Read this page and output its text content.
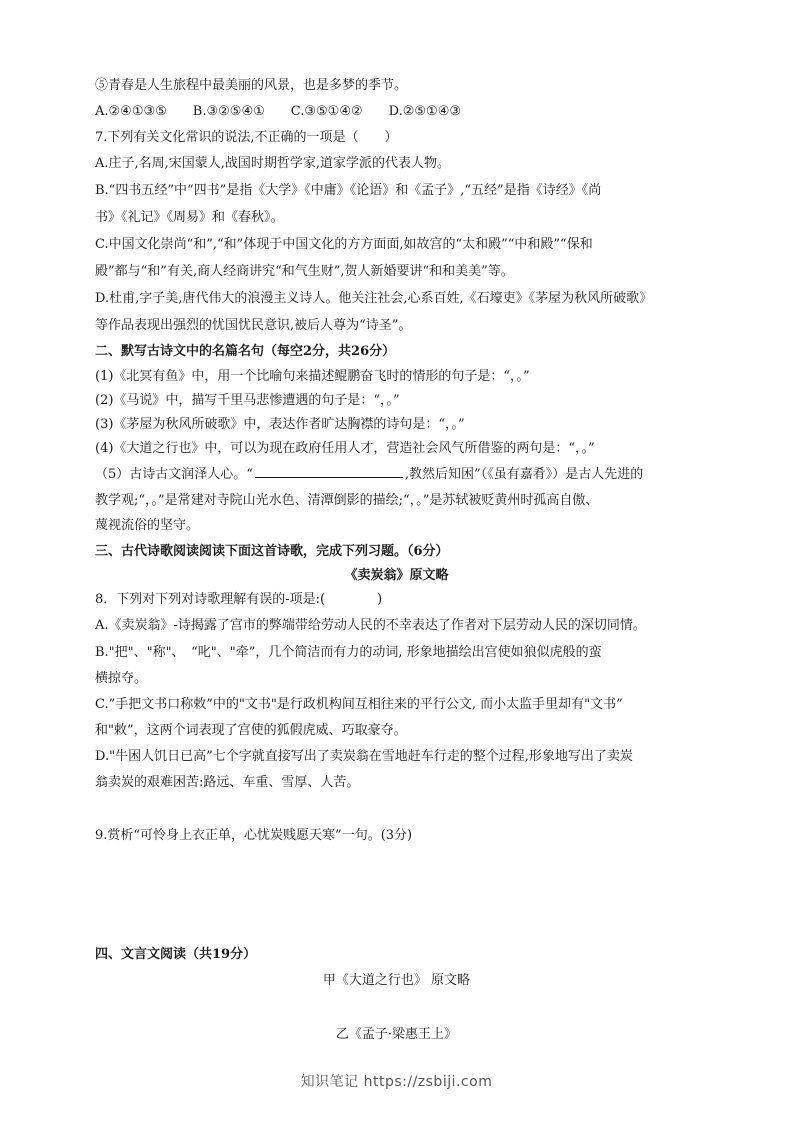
⑤青春是人生旅程中最美丽的风景，也是多梦的季节。
A.②④①③⑤　　B.③②⑤④①　　C.③⑤①④②　　D.②⑤①④③
7.下列有关文化常识的说法,不正确的一项是（　　）
A.庄子,名周,宋国蒙人,战国时期哲学家,道家学派的代表人物。
B.“四书五经”中“四书”是指《大学》《中庸》《论语》和《孟子》,“五经”是指《诗经》《尚
书》《礼记》《周易》和《春秋》。
C.中国文化崇尚“和”,“和”体现于中国文化的方方面面,如故宫的“太和殿”“中和殿”“保和
殿”都与“和”有关,商人经商讲究“和气生财”,贺人新婚要讲“和和美美”等。
D.杜甫,字子美,唐代伟大的浪漫主义诗人。他关注社会,心系百姓,《石壕吏》《茅屋为秋风所破歌》
等作品表现出强烈的忧国忧民意识,被后人尊为“诗圣”。
二、默写古诗文中的名篇名句（每空2分，共26分）
(1)《北冥有鱼》中，用一个比喻句来描述鲲鹏奋飞时的情形的句子是：“，。”
(2)《马说》中，描写千里马悲惨遭遇的句子是：“，。”
(3)《茅屋为秋风所破歌》中，表达作者旷达胸襟的诗句是：“，。”
(4)《大道之行也》中，可以为现在政府任用人才，营造社会风气所借鉴的两句是：“，。”
（5）古诗古文润泽人心。“	,教然后知困”（《虽有嘉肴》）是古人先进的
教学观;“，。”是常建对寺院山光水色、清潭倒影的描绘;“，。”是苏轼被贬黄州时孤高自傲、
蔑视流俗的坚守。
三、古代诗歌阅读阅读下面这首诗歌，完成下列习题。（6分）
《卖炭翁》原文略
8．下列对下列对诗歌理解有误的-项是:(　　　　)
A.《卖炭翁》-诗揭露了宫市的弊端带给劳动人民的不幸表达了作者对下层劳动人民的深切同情。
B."把"、"称"、　“叱"、"牵”，几个简洁而有力的动词, 形象地描绘出宫使如狼似虎般的蛮
横掠夺。
C.”手把文书口称敕”中的"文书"是行政机构间互相往来的平行公文, 而小太监手里却有"文书”
和"敕”，这两个词表现了宫使的狐假虎威、巧取豪夺。
D."牛困人饥日已高”七个字就直接写出了卖炭翁在雪地赶车行走的整个过程,形象地写出了卖炭
翁卖炭的艰难困苦:路远、车重、雪厚、人苦。
9.赏析“可怜身上衣正单，心忧炭贱愿天寒”一句。(3分)
四、文言文阅读（共19分）
甲《大道之行也》 原文略
乙《孟子·梁惠王上》
知识笔记 https://zsbiji.com
